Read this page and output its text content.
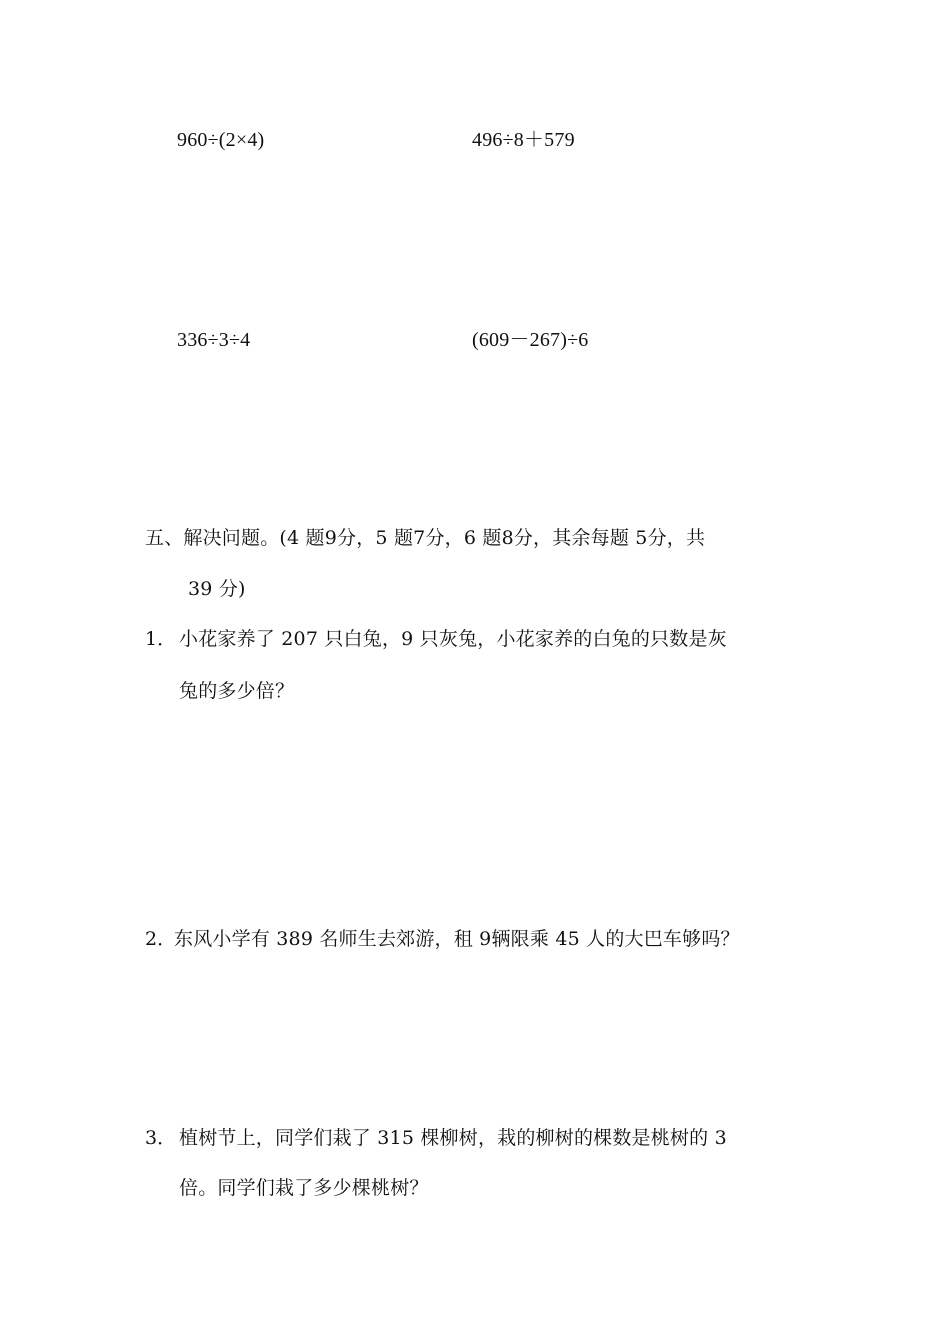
960÷(2×4)	496÷8＋579
336÷3÷4	(609－267)÷6
五、解决问题。(4 题9分，5 题7分，6 题8分，其余每题 5分，共
39 分)
1． 小花家养了 207 只白兔，9 只灰兔，小花家养的白兔的只数是灰
兔的多少倍？
2．
东风小学有 389 名师生去郊游，租 9辆限乘 45 人的大巴车够吗？
3． 植树节上，同学们栽了 315 棵柳树，栽的柳树的棵数是桃树的 3
倍。同学们栽了多少棵桃树？
